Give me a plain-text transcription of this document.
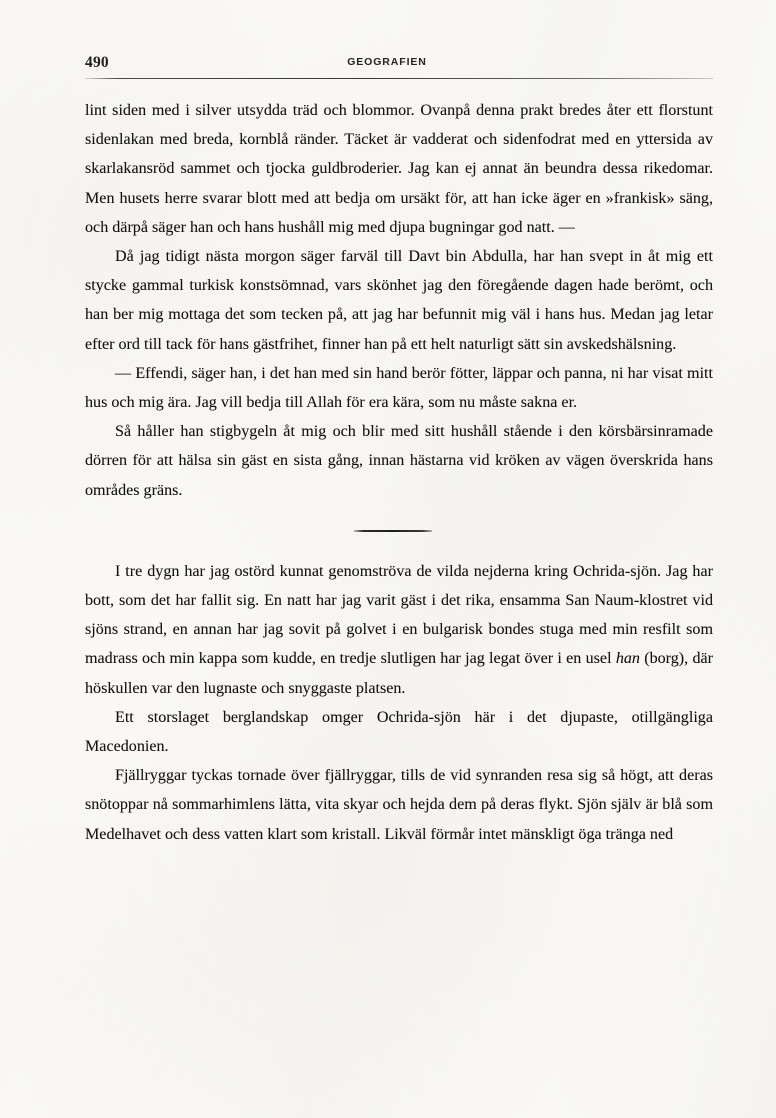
490	GEOGRAFIEN

lint siden med i silver utsydda träd och blommor. Ovanpå denna prakt bredes åter ett florstunt sidenlakan med breda, kornblå ränder. Täcket är vadderat och sidenfodrat med en yttersida av skarlakansröd sammet och tjocka guldbroderier. Jag kan ej annat än beundra dessa rikedomar. Men husets herre svarar blott med att bedja om ursäkt för, att han icke äger en »frankisk» säng, och därpå säger han och hans hushåll mig med djupa bugningar god natt. —

Då jag tidigt nästa morgon säger farväl till Davt bin Abdulla, har han svept in åt mig ett stycke gammal turkisk konstsömnad, vars skönhet jag den föregående dagen hade berömt, och han ber mig mottaga det som tecken på, att jag har befunnit mig väl i hans hus. Medan jag letar efter ord till tack för hans gästfrihet, finner han på ett helt naturligt sätt sin avskedshälsning.

— Effendi, säger han, i det han med sin hand berör fötter, läppar och panna, ni har visat mitt hus och mig ära. Jag vill bedja till Allah för era kära, som nu måste sakna er.

Så håller han stigbygeln åt mig och blir med sitt hushåll stående i den körsbärsinramade dörren för att hälsa sin gäst en sista gång, innan hästarna vid kröken av vägen överskrida hans områdes gräns.

I tre dygn har jag ostörd kunnat genomströva de vilda nejderna kring Ochrida-sjön. Jag har bott, som det har fallit sig. En natt har jag varit gäst i det rika, ensamma San Naum-klostret vid sjöns strand, en annan har jag sovit på golvet i en bulgarisk bondes stuga med min resfilt som madrass och min kappa som kudde, en tredje slutligen har jag legat över i en usel han (borg), där höskullen var den lugnaste och snyggaste platsen.

Ett storslaget berglandskap omger Ochrida-sjön här i det djupaste, otillgängliga Macedonien.

Fjällryggar tyckas tornade över fjällryggar, tills de vid synranden resa sig så högt, att deras snötoppar nå sommarhimlens lätta, vita skyar och hejda dem på deras flykt. Sjön själv är blå som Medelhavet och dess vatten klart som kristall. Likväl förmår intet mänskligt öga tränga ned
